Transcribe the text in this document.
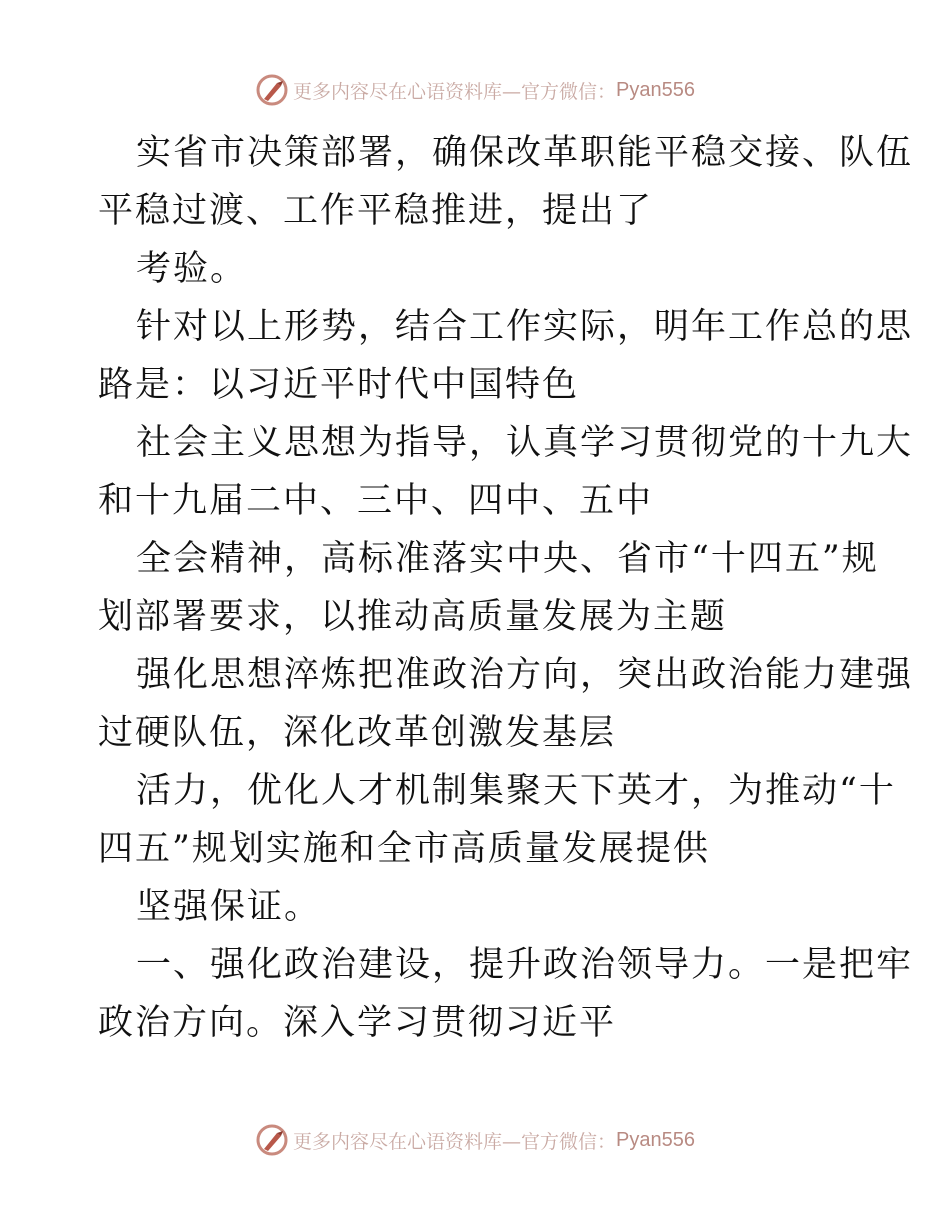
更多内容尽在心语资料库—官方微信： Pyan556

实省市决策部署，确保改革职能平稳交接、队伍
平稳过渡、工作平稳推进，提出了

考验。

针对以上形势，结合工作实际，明年工作总的思
路是：以习近平时代中国特色

社会主义思想为指导，认真学习贯彻党的十九大
和十九届二中、三中、四中、五中

全会精神，高标准落实中央、省市“十四五”规
划部署要求，以推动高质量发展为主题

强化思想淬炼把准政治方向，突出政治能力建强
过硬队伍，深化改革创激发基层

活力，优化人才机制集聚天下英才，为推动“十
四五”规划实施和全市高质量发展提供

坚强保证。

一、强化政治建设，提升政治领导力。一是把牢
政治方向。深入学习贯彻习近平

更多内容尽在心语资料库—官方微信： Pyan556
